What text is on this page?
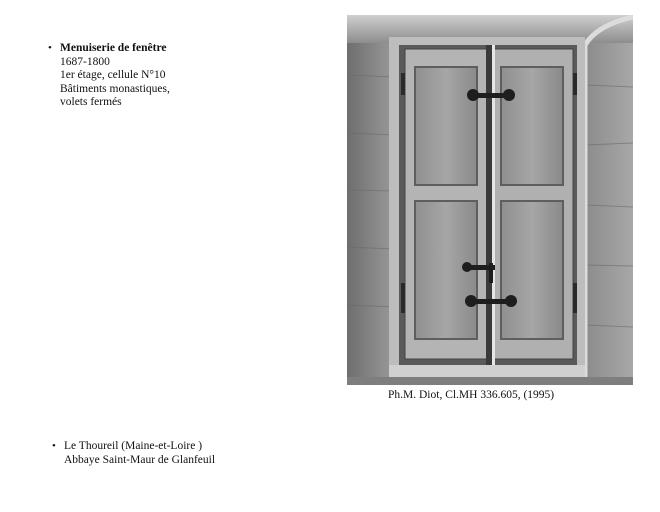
• Menuiserie de fenêtre
1687-1800
1er étage, cellule N°10
Bâtiments monastiques,
volets fermés
Ph.M. Diot, Cl.MH 336.605, (1995)
• Le Thoureil (Maine-et-Loire )
Abbaye Saint-Maur de Glanfeuil
